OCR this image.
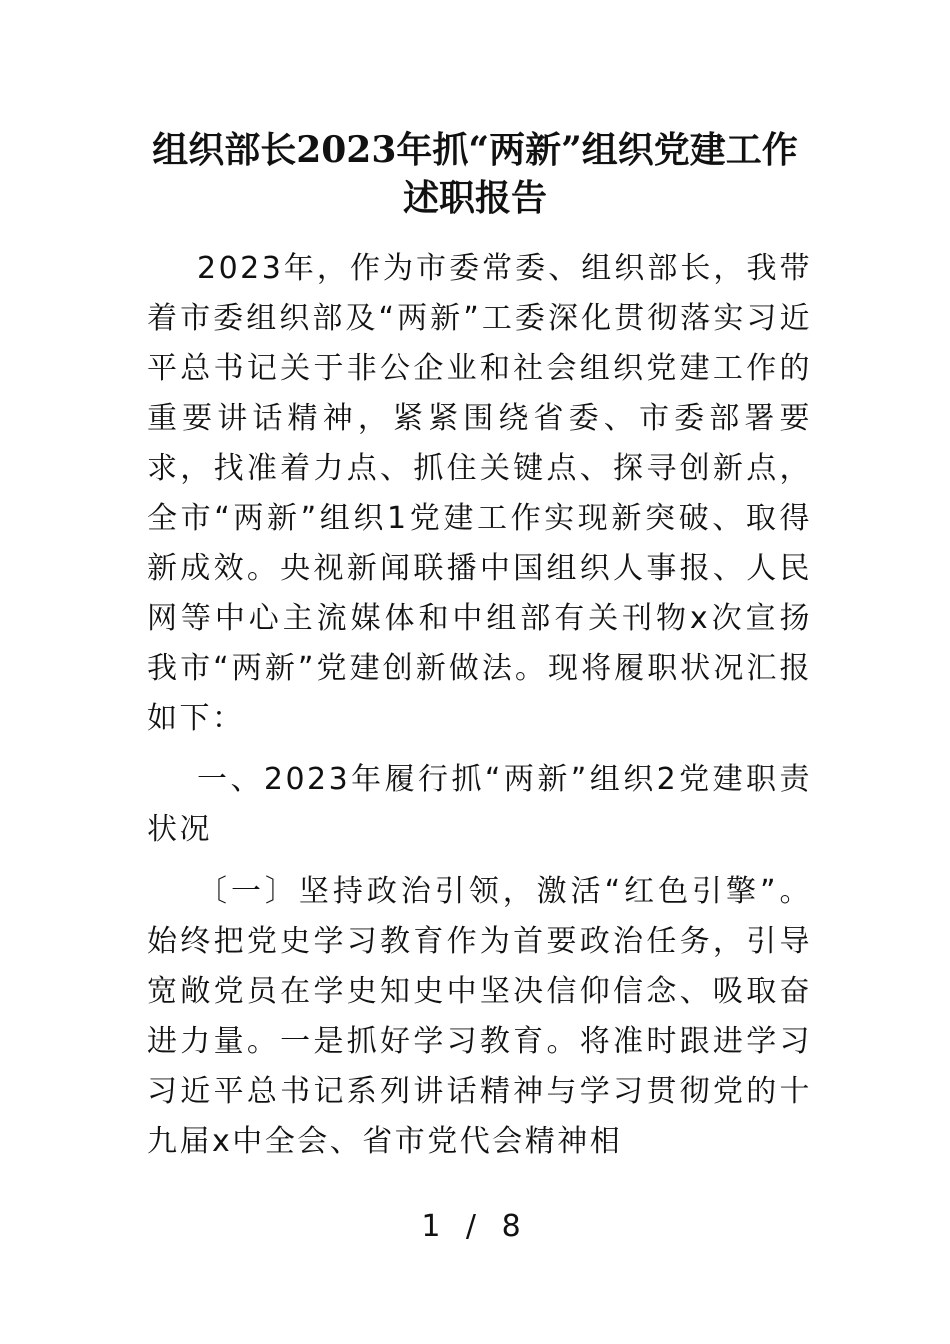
组织部长2023年抓“两新”组织党建工作
述职报告

2023年，作为市委常委、组织部长，我带着市委组织部及“两新”工委深化贯彻落实习近平总书记关于非公企业和社会组织党建工作的重要讲话精神，紧紧围绕省委、市委部署要求，找准着力点、抓住关键点、探寻创新点，全市“两新”组织1党建工作实现新突破、取得新成效。央视新闻联播中国组织人事报、人民网等中心主流媒体和中组部有关刊物x次宣扬我市“两新”党建创新做法。现将履职状况汇报如下：

一、2023年履行抓“两新”组织2党建职责状况

〔一〕坚持政治引领，激活“红色引擎”。始终把党史学习教育作为首要政治任务，引导宽敞党员在学史知史中坚决信仰信念、吸取奋进力量。一是抓好学习教育。将准时跟进学习习近平总书记系列讲话精神与学习贯彻党的十九届x中全会、省市党代会精神相

1 / 8
